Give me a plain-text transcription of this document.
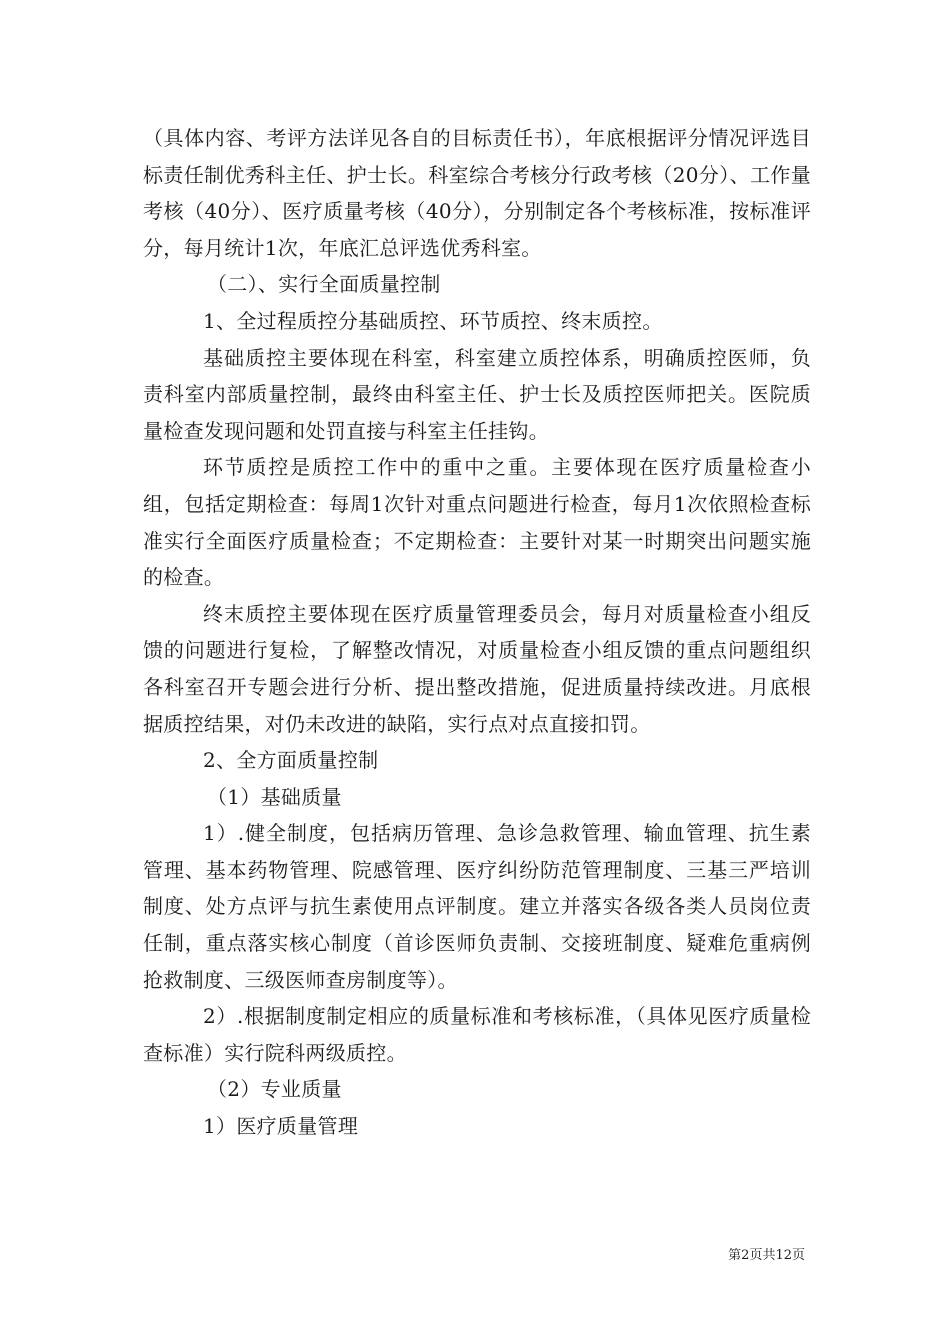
（具体内容、考评方法详见各自的目标责任书），年底根据评分情况评选目标责任制优秀科主任、护士长。科室综合考核分行政考核（20分）、工作量考核（40分）、医疗质量考核（40分），分别制定各个考核标准，按标准评分，每月统计1次，年底汇总评选优秀科室。

（二）、实行全面质量控制

1、全过程质控分基础质控、环节质控、终末质控。

基础质控主要体现在科室，科室建立质控体系，明确质控医师，负责科室内部质量控制，最终由科室主任、护士长及质控医师把关。医院质量检查发现问题和处罚直接与科室主任挂钩。

环节质控是质控工作中的重中之重。主要体现在医疗质量检查小组，包括定期检查：每周1次针对重点问题进行检查，每月1次依照检查标准实行全面医疗质量检查；不定期检查：主要针对某一时期突出问题实施的检查。

终末质控主要体现在医疗质量管理委员会，每月对质量检查小组反馈的问题进行复检，了解整改情况，对质量检查小组反馈的重点问题组织各科室召开专题会进行分析、提出整改措施，促进质量持续改进。月底根据质控结果，对仍未改进的缺陷，实行点对点直接扣罚。

2、全方面质量控制

（1）基础质量

1）.健全制度，包括病历管理、急诊急救管理、输血管理、抗生素管理、基本药物管理、院感管理、医疗纠纷防范管理制度、三基三严培训制度、处方点评与抗生素使用点评制度。建立并落实各级各类人员岗位责任制，重点落实核心制度（首诊医师负责制、交接班制度、疑难危重病例抢救制度、三级医师查房制度等）。

2）.根据制度制定相应的质量标准和考核标准，（具体见医疗质量检查标准）实行院科两级质控。

（2）专业质量

1）医疗质量管理

第2页共12页
